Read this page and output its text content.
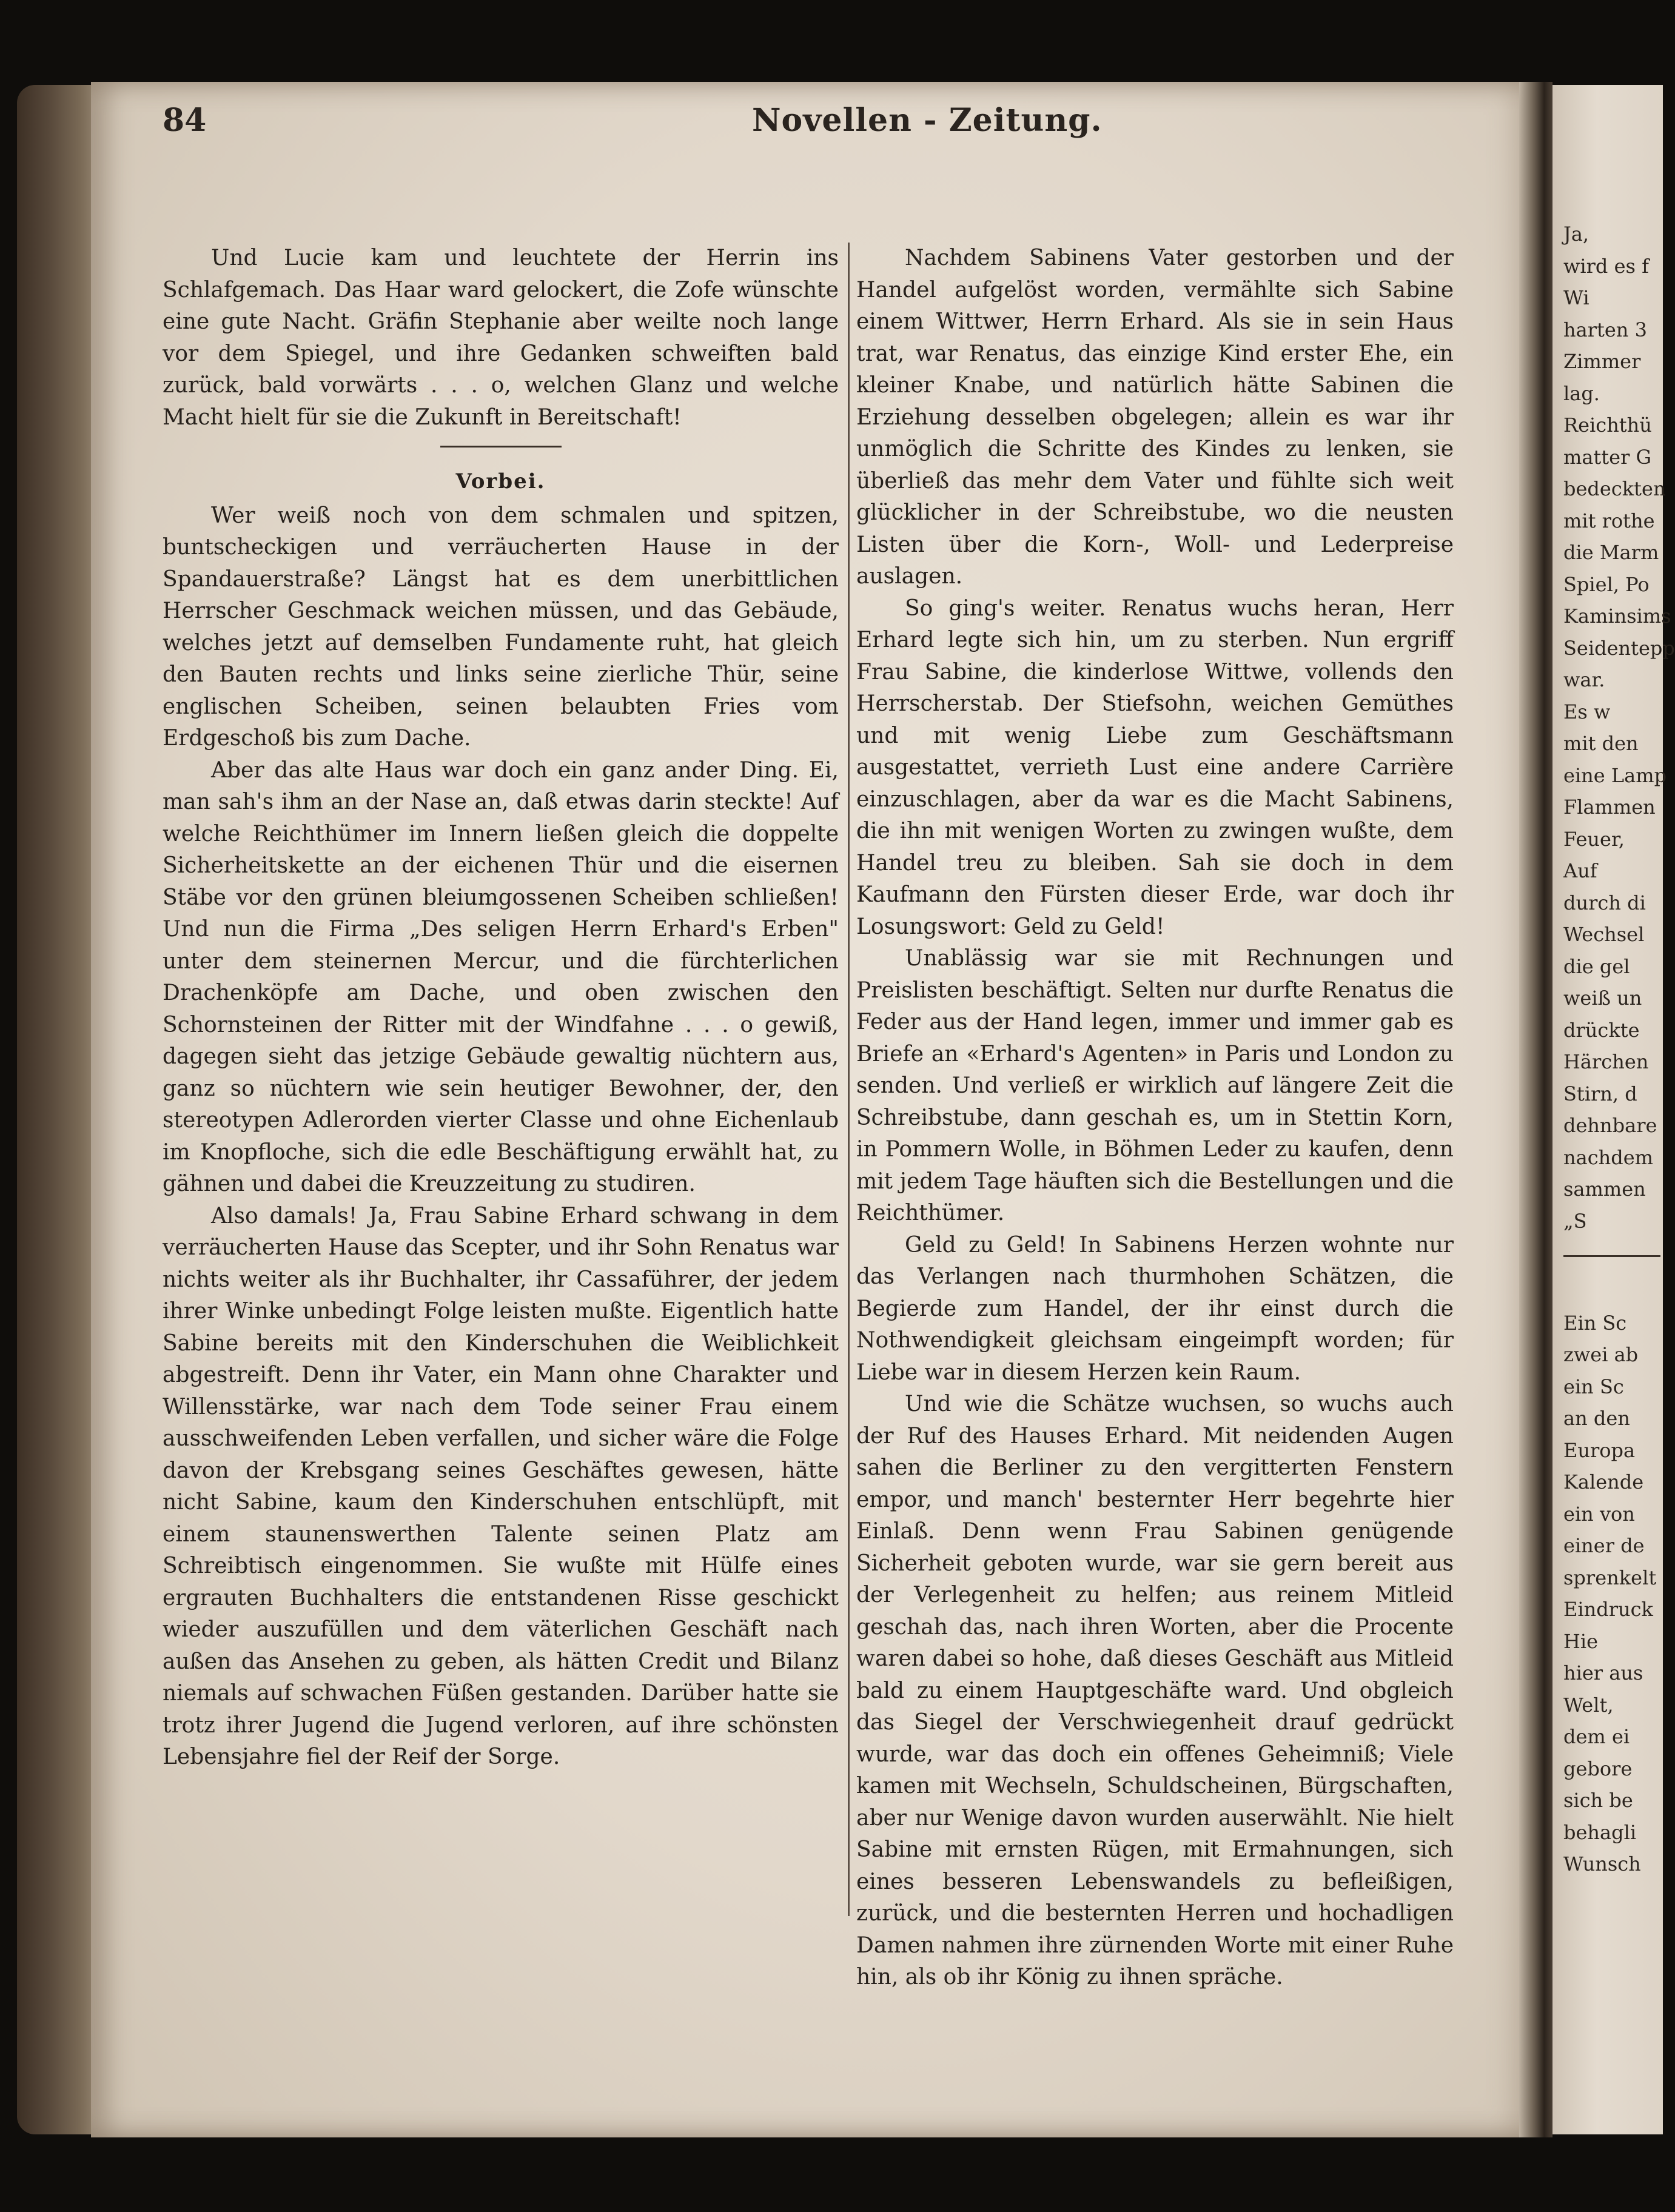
Ja,
wird es f
Wi
harten 3
Zimmer
lag.
Reichthü
matter G
bedeckten
mit rothe
die Marm
Spiel, Po
Kaminsims
Seidentepp
war.
Es w
mit den
eine Lamp
Flammen
Feuer,
Auf
durch di
Wechsel
die gel
weiß un
drückte
Härchen
Stirn, d
dehnbare
nachdem
sammen
„S
Ein Sc
zwei ab
ein Sc
an den
Europa
Kalende
ein von
einer de
sprenkelt
Eindruck
Hie
hier aus
Welt,
dem ei
gebore
sich be
behagli
Wunsch
84	Novellen - Zeitung.

Und Lucie kam und leuchtete der Herrin ins Schlafgemach. Das Haar ward gelockert, die Zofe wünschte eine gute Nacht. Gräfin Stephanie aber weilte noch lange vor dem Spiegel, und ihre Gedanken schweiften bald zurück, bald vorwärts . . . o, welchen Glanz und welche Macht hielt für sie die Zukunft in Bereitschaft!

Vorbei.

Wer weiß noch von dem schmalen und spitzen, buntscheckigen und verräucherten Hause in der Spandauerstraße? Längst hat es dem unerbittlichen Herrscher Geschmack weichen müssen, und das Gebäude, welches jetzt auf demselben Fundamente ruht, hat gleich den Bauten rechts und links seine zierliche Thür, seine englischen Scheiben, seinen belaubten Fries vom Erdgeschoß bis zum Dache.

Aber das alte Haus war doch ein ganz ander Ding. Ei, man sah's ihm an der Nase an, daß etwas darin steckte! Auf welche Reichthümer im Innern ließen gleich die doppelte Sicherheitskette an der eichenen Thür und die eisernen Stäbe vor den grünen bleiumgossenen Scheiben schließen! Und nun die Firma „Des seligen Herrn Erhard's Erben" unter dem steinernen Mercur, und die fürchterlichen Drachenköpfe am Dache, und oben zwischen den Schornsteinen der Ritter mit der Windfahne . . . o gewiß, dagegen sieht das jetzige Gebäude gewaltig nüchtern aus, ganz so nüchtern wie sein heutiger Bewohner, der, den stereotypen Adlerorden vierter Classe und ohne Eichenlaub im Knopfloche, sich die edle Beschäftigung erwählt hat, zu gähnen und dabei die Kreuzzeitung zu studiren.

Also damals! Ja, Frau Sabine Erhard schwang in dem verräucherten Hause das Scepter, und ihr Sohn Renatus war nichts weiter als ihr Buchhalter, ihr Cassaführer, der jedem ihrer Winke unbedingt Folge leisten mußte. Eigentlich hatte Sabine bereits mit den Kinderschuhen die Weiblichkeit abgestreift. Denn ihr Vater, ein Mann ohne Charakter und Willensstärke, war nach dem Tode seiner Frau einem ausschweifenden Leben verfallen, und sicher wäre die Folge davon der Krebsgang seines Geschäftes gewesen, hätte nicht Sabine, kaum den Kinderschuhen entschlüpft, mit einem staunenswerthen Talente seinen Platz am Schreibtisch eingenommen. Sie wußte mit Hülfe eines ergrauten Buchhalters die entstandenen Risse geschickt wieder auszufüllen und dem väterlichen Geschäft nach außen das Ansehen zu geben, als hätten Credit und Bilanz niemals auf schwachen Füßen gestanden. Darüber hatte sie trotz ihrer Jugend die Jugend verloren, auf ihre schönsten Lebensjahre fiel der Reif der Sorge.

Nachdem Sabinens Vater gestorben und der Handel aufgelöst worden, vermählte sich Sabine einem Wittwer, Herrn Erhard. Als sie in sein Haus trat, war Renatus, das einzige Kind erster Ehe, ein kleiner Knabe, und natürlich hätte Sabinen die Erziehung desselben obgelegen; allein es war ihr unmöglich die Schritte des Kindes zu lenken, sie überließ das mehr dem Vater und fühlte sich weit glücklicher in der Schreibstube, wo die neusten Listen über die Korn-, Woll- und Lederpreise auslagen.

So ging's weiter. Renatus wuchs heran, Herr Erhard legte sich hin, um zu sterben. Nun ergriff Frau Sabine, die kinderlose Wittwe, vollends den Herrscherstab. Der Stiefsohn, weichen Gemüthes und mit wenig Liebe zum Geschäftsmann ausgestattet, verrieth Lust eine andere Carrière einzuschlagen, aber da war es die Macht Sabinens, die ihn mit wenigen Worten zu zwingen wußte, dem Handel treu zu bleiben. Sah sie doch in dem Kaufmann den Fürsten dieser Erde, war doch ihr Losungswort: Geld zu Geld!

Unablässig war sie mit Rechnungen und Preislisten beschäftigt. Selten nur durfte Renatus die Feder aus der Hand legen, immer und immer gab es Briefe an «Erhard's Agenten» in Paris und London zu senden. Und verließ er wirklich auf längere Zeit die Schreibstube, dann geschah es, um in Stettin Korn, in Pommern Wolle, in Böhmen Leder zu kaufen, denn mit jedem Tage häuften sich die Bestellungen und die Reichthümer.

Geld zu Geld! In Sabinens Herzen wohnte nur das Verlangen nach thurmhohen Schätzen, die Begierde zum Handel, der ihr einst durch die Nothwendigkeit gleichsam eingeimpft worden; für Liebe war in diesem Herzen kein Raum.

Und wie die Schätze wuchsen, so wuchs auch der Ruf des Hauses Erhard. Mit neidenden Augen sahen die Berliner zu den vergitterten Fenstern empor, und manch' besternter Herr begehrte hier Einlaß. Denn wenn Frau Sabinen genügende Sicherheit geboten wurde, war sie gern bereit aus der Verlegenheit zu helfen; aus reinem Mitleid geschah das, nach ihren Worten, aber die Procente waren dabei so hohe, daß dieses Geschäft aus Mitleid bald zu einem Hauptgeschäfte ward. Und obgleich das Siegel der Verschwiegenheit drauf gedrückt wurde, war das doch ein offenes Geheimniß; Viele kamen mit Wechseln, Schuldscheinen, Bürgschaften, aber nur Wenige davon wurden auserwählt. Nie hielt Sabine mit ernsten Rügen, mit Ermahnungen, sich eines besseren Lebenswandels zu befleißigen, zurück, und die besternten Herren und hochadligen Damen nahmen ihre zürnenden Worte mit einer Ruhe hin, als ob ihr König zu ihnen spräche.
